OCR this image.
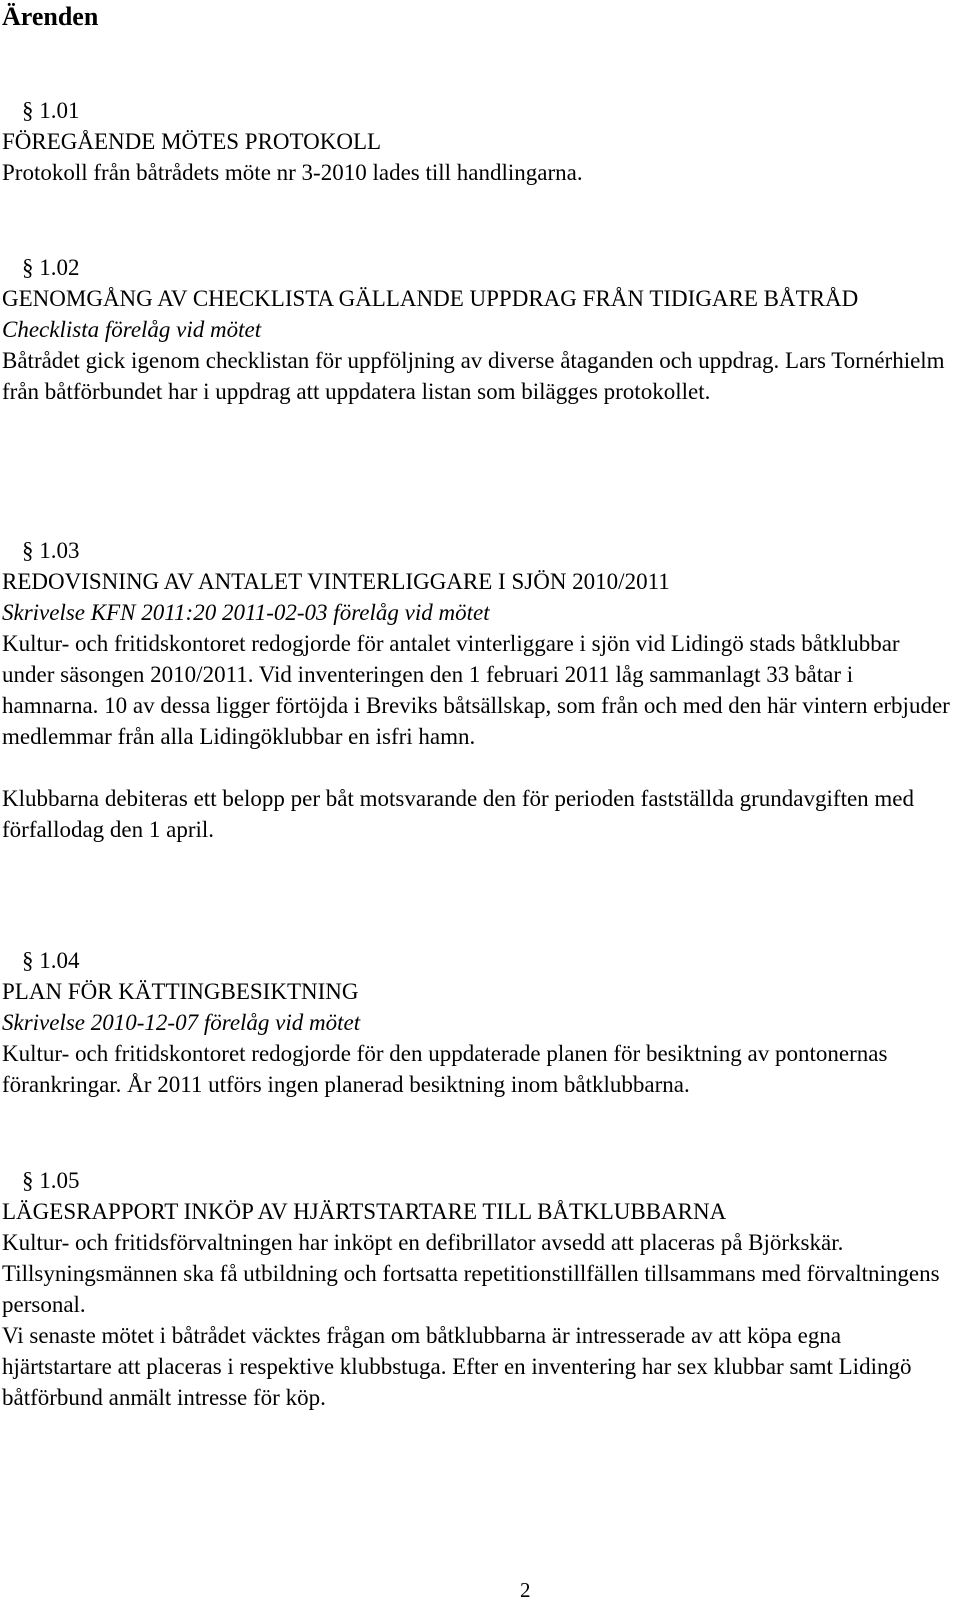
Ärenden

§ 1.01

FÖREGÅENDE MÖTES PROTOKOLL

Protokoll från båtrådets möte nr 3-2010 lades till handlingarna.

§ 1.02

GENOMGÅNG AV CHECKLISTA GÄLLANDE UPPDRAG FRÅN TIDIGARE BÅTRÅD

Checklista förelåg vid mötet

Båtrådet gick igenom checklistan för uppföljning av diverse åtaganden och uppdrag. Lars Tornérhielm från båtförbundet har i uppdrag att uppdatera listan som bilägges protokollet.

§ 1.03

REDOVISNING AV ANTALET VINTERLIGGARE I SJÖN 2010/2011

Skrivelse KFN 2011:20 2011-02-03 förelåg vid mötet

Kultur- och fritidskontoret redogjorde för antalet vinterliggare i sjön vid Lidingö stads båtklubbar under säsongen 2010/2011. Vid inventeringen den 1 februari 2011 låg sammanlagt 33 båtar i hamnarna. 10 av dessa ligger förtöjda i Breviks båtsällskap, som från och med den här vintern erbjuder medlemmar från alla Lidingöklubbar en isfri hamn.

Klubbarna debiteras ett belopp per båt motsvarande den för perioden fastställda grundavgiften med förfallodag den 1 april.

§ 1.04

PLAN FÖR KÄTTINGBESIKTNING

Skrivelse 2010-12-07 förelåg vid mötet

Kultur- och fritidskontoret redogjorde för den uppdaterade planen för besiktning av pontonernas förankringar. År 2011 utförs ingen planerad besiktning inom båtklubbarna.

§ 1.05

LÄGESRAPPORT INKÖP AV HJÄRTSTARTARE TILL BÅTKLUBBARNA

Kultur- och fritidsförvaltningen har inköpt en defibrillator avsedd att placeras på Björkskär. Tillsyningsmännen ska få utbildning och fortsatta repetitionstillfällen tillsammans med förvaltningens personal.

Vi senaste mötet i båtrådet väcktes frågan om båtklubbarna är intresserade av att köpa egna hjärtstartare att placeras i respektive klubbstuga. Efter en inventering har sex klubbar samt Lidingö båtförbund anmält intresse för köp.

2
